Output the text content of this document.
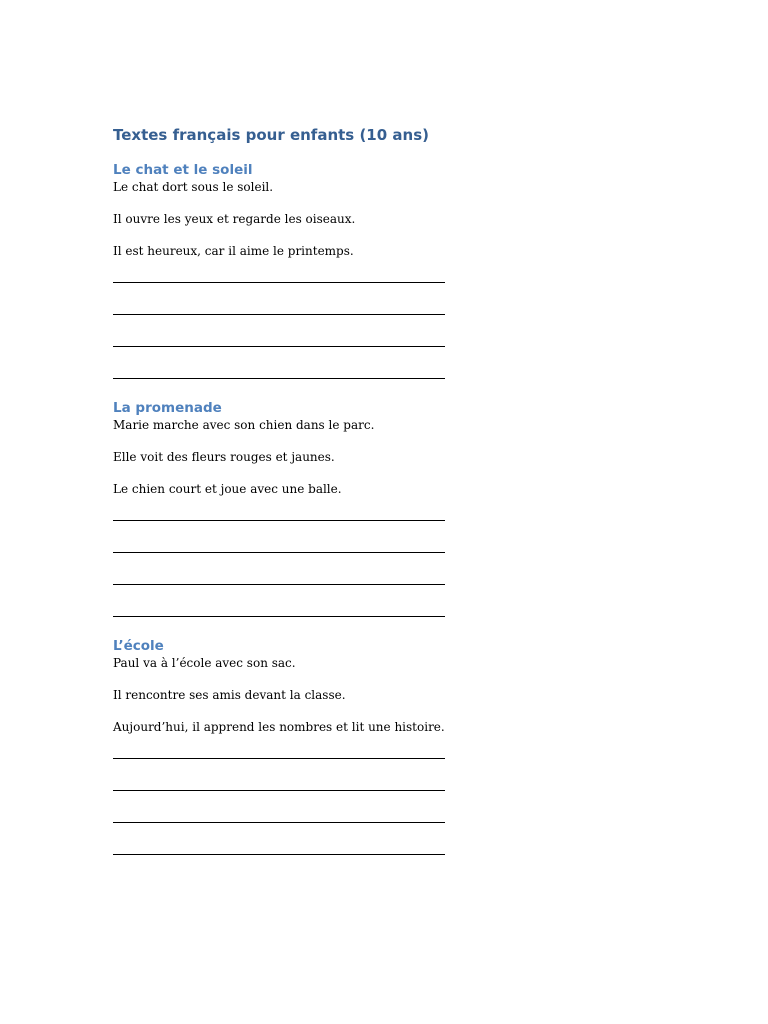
Textes français pour enfants (10 ans)
Le chat et le soleil

Le chat dort sous le soleil.

Il ouvre les yeux et regarde les oiseaux.

Il est heureux, car il aime le printemps.

La promenade

Marie marche avec son chien dans le parc.

Elle voit des fleurs rouges et jaunes.

Le chien court et joue avec une balle.

L’école

Paul va à l’école avec son sac.

Il rencontre ses amis devant la classe.

Aujourd’hui, il apprend les nombres et lit une histoire.
